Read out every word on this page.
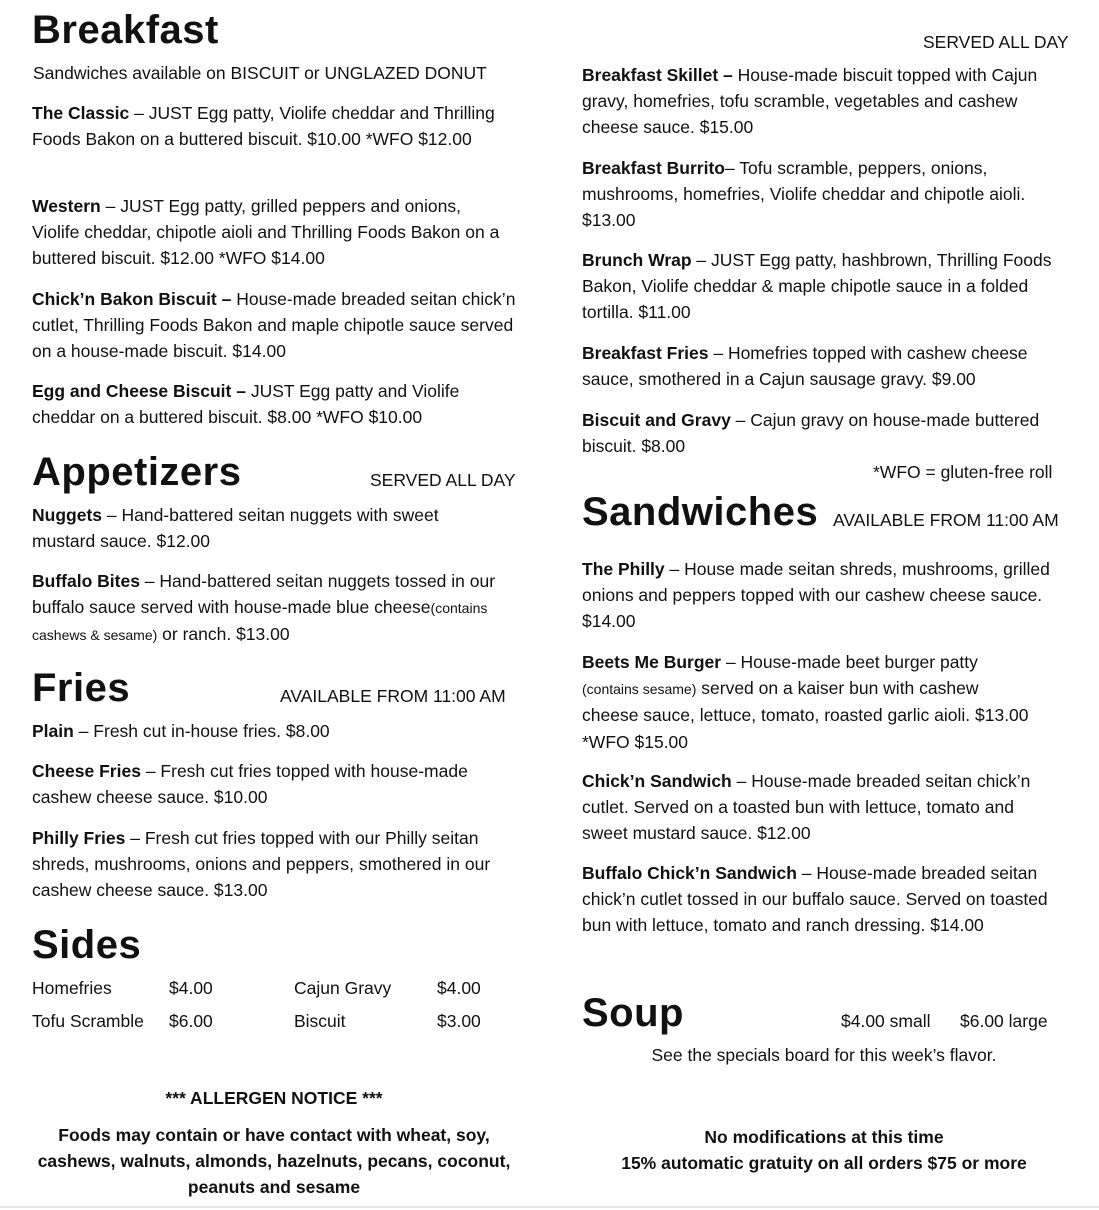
Breakfast
Sandwiches available on BISCUIT or UNGLAZED DONUT
The Classic – JUST Egg patty, Violife cheddar and Thrilling Foods Bakon on a buttered biscuit. $10.00 *WFO $12.00
Western – JUST Egg patty, grilled peppers and onions, Violife cheddar, chipotle aioli and Thrilling Foods Bakon on a buttered biscuit. $12.00 *WFO $14.00
Chick’n Bakon Biscuit – House-made breaded seitan chick’n cutlet, Thrilling Foods Bakon and maple chipotle sauce served on a house-made biscuit. $14.00
Egg and Cheese Biscuit – JUST Egg patty and Violife cheddar on a buttered biscuit. $8.00 *WFO $10.00
Appetizers	SERVED ALL DAY
Nuggets – Hand-battered seitan nuggets with sweet mustard sauce. $12.00
Buffalo Bites – Hand-battered seitan nuggets tossed in our buffalo sauce served with house-made blue cheese(contains cashews & sesame) or ranch. $13.00
Fries	AVAILABLE FROM 11:00 AM
Plain – Fresh cut in-house fries. $8.00
Cheese Fries – Fresh cut fries topped with house-made cashew cheese sauce. $10.00
Philly Fries – Fresh cut fries topped with our Philly seitan shreds, mushrooms, onions and peppers, smothered in our cashew cheese sauce. $13.00
Sides
Homefries	$4.00	Cajun Gravy	$4.00
Tofu Scramble $6.00	Biscuit	$3.00
*** ALLERGEN NOTICE ***
Foods may contain or have contact with wheat, soy, cashews, walnuts, almonds, hazelnuts, pecans, coconut, peanuts and sesame
SERVED ALL DAY
Breakfast Skillet – House-made biscuit topped with Cajun gravy, homefries, tofu scramble, vegetables and cashew cheese sauce. $15.00
Breakfast Burrito– Tofu scramble, peppers, onions, mushrooms, homefries, Violife cheddar and chipotle aioli. $13.00
Brunch Wrap – JUST Egg patty, hashbrown, Thrilling Foods Bakon, Violife cheddar & maple chipotle sauce in a folded tortilla. $11.00
Breakfast Fries – Homefries topped with cashew cheese sauce, smothered in a Cajun sausage gravy. $9.00
Biscuit and Gravy – Cajun gravy on house-made buttered biscuit. $8.00
*WFO = gluten-free roll
Sandwiches AVAILABLE FROM 11:00 AM
The Philly – House made seitan shreds, mushrooms, grilled onions and peppers topped with our cashew cheese sauce. $14.00
Beets Me Burger – House-made beet burger patty (contains sesame) served on a kaiser bun with cashew cheese sauce, lettuce, tomato, roasted garlic aioli. $13.00 *WFO $15.00
Chick’n Sandwich – House-made breaded seitan chick’n cutlet. Served on a toasted bun with lettuce, tomato and sweet mustard sauce. $12.00
Buffalo Chick’n Sandwich – House-made breaded seitan chick’n cutlet tossed in our buffalo sauce. Served on toasted bun with lettuce, tomato and ranch dressing. $14.00
Soup	$4.00 small $6.00 large
See the specials board for this week’s flavor.
No modifications at this time
15% automatic gratuity on all orders $75 or more
